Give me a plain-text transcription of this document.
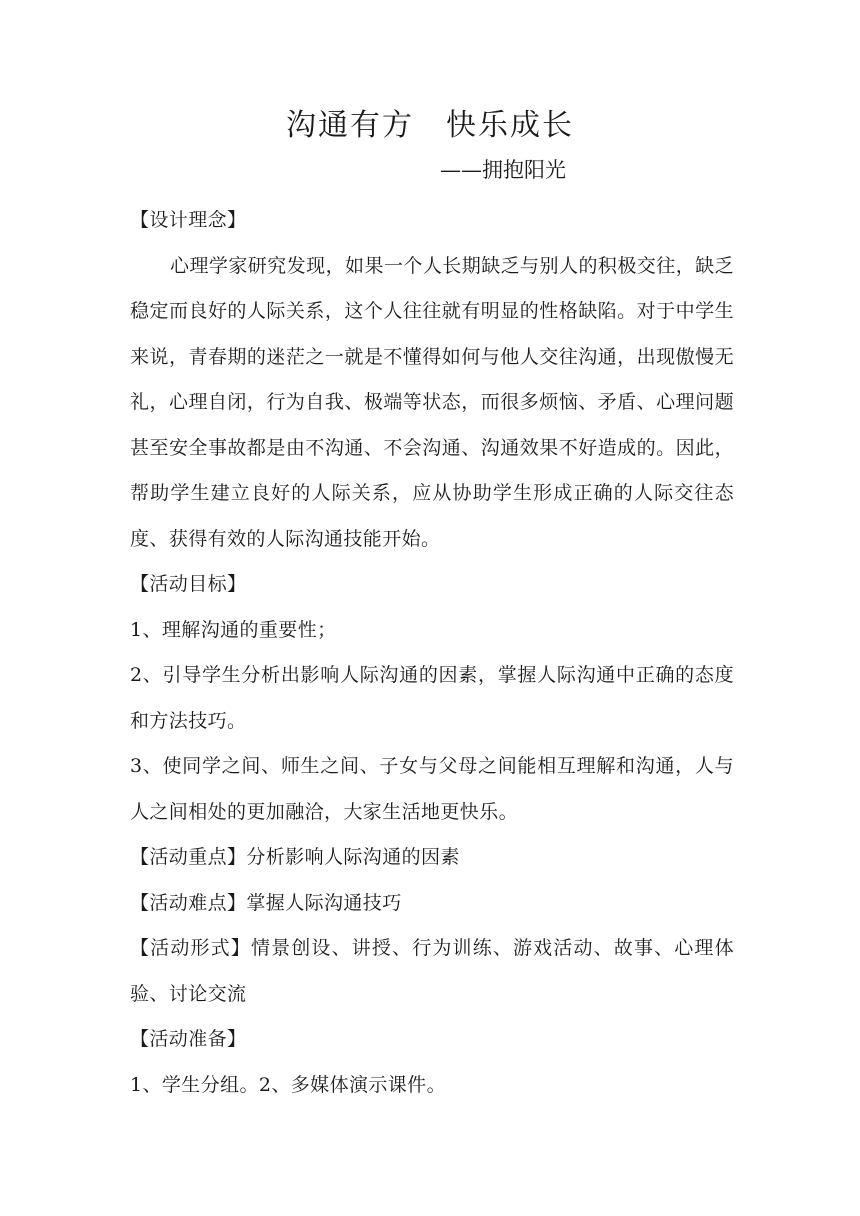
沟通有方　快乐成长
——拥抱阳光

【设计理念】

心理学家研究发现，如果一个人长期缺乏与别人的积极交往，缺乏稳定而良好的人际关系，这个人往往就有明显的性格缺陷。对于中学生来说，青春期的迷茫之一就是不懂得如何与他人交往沟通，出现傲慢无礼，心理自闭，行为自我、极端等状态，而很多烦恼、矛盾、心理问题甚至安全事故都是由不沟通、不会沟通、沟通效果不好造成的。因此，帮助学生建立良好的人际关系，应从协助学生形成正确的人际交往态度、获得有效的人际沟通技能开始。

【活动目标】

1、理解沟通的重要性；

2、引导学生分析出影响人际沟通的因素，掌握人际沟通中正确的态度和方法技巧。

3、使同学之间、师生之间、子女与父母之间能相互理解和沟通，人与人之间相处的更加融洽，大家生活地更快乐。

【活动重点】分析影响人际沟通的因素

【活动难点】掌握人际沟通技巧

【活动形式】情景创设、讲授、行为训练、游戏活动、故事、心理体验、讨论交流

【活动准备】

1、学生分组。2、多媒体演示课件。
